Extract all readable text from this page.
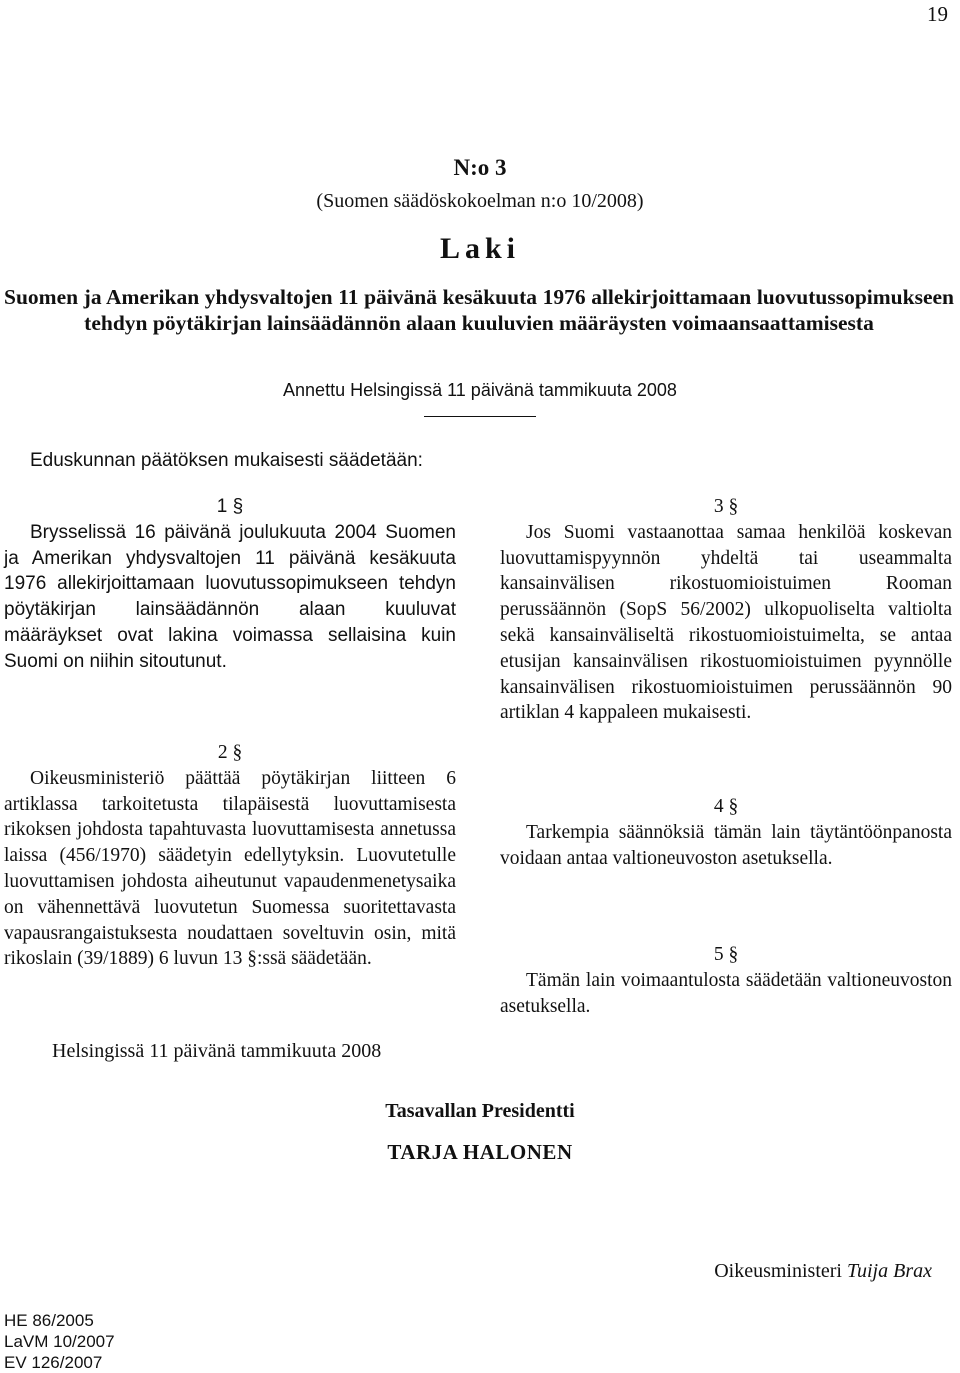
19
N:o 3
(Suomen säädöskokoelman n:o 10/2008)
Laki
Suomen ja Amerikan yhdysvaltojen 11 päivänä kesäkuuta 1976 allekirjoittamaan luovutussopimukseen tehdyn pöytäkirjan lainsäädännön alaan kuuluvien määräysten voimaansaattamisesta
Annettu Helsingissä 11 päivänä tammikuuta 2008
Eduskunnan päätöksen mukaisesti säädetään:
1 §

Brysselissä 16 päivänä joulukuuta 2004 Suomen ja Amerikan yhdysvaltojen 11 päivänä kesäkuuta 1976 allekirjoittamaan luovutussopimukseen tehdyn pöytäkirjan lainsäädännön alaan kuuluvat määräykset ovat lakina voimassa sellaisina kuin Suomi on niihin sitoutunut.

2 §

Oikeusministeriö päättää pöytäkirjan liitteen 6 artiklassa tarkoitetusta tilapäisestä luovuttamisesta rikoksen johdosta tapahtuvasta luovuttamisesta annetussa laissa (456/1970) säädetyin edellytyksin. Luovutetulle luovuttamisen johdosta aiheutunut vapaudenmenetysaika on vähennettävä luovutetun Suomessa suoritettavasta vapausrangaistuksesta noudattaen soveltuvin osin, mitä rikoslain (39/1889) 6 luvun 13 §:ssä säädetään.

3 §

Jos Suomi vastaanottaa samaa henkilöä koskevan luovuttamispyynnön yhdeltä tai useammalta kansainvälisen rikostuomioistuimen Rooman perussäännön (SopS 56/2002) ulkopuoliselta valtiolta sekä kansainväliseltä rikostuomioistuimelta, se antaa etusijan kansainvälisen rikostuomioistuimen pyynnölle kansainvälisen rikostuomioistuimen perussäännön 90 artiklan 4 kappaleen mukaisesti.

4 §

Tarkempia säännöksiä tämän lain täytäntöönpanosta voidaan antaa valtioneuvoston asetuksella.

5 §

Tämän lain voimaantulosta säädetään valtioneuvoston asetuksella.

Helsingissä 11 päivänä tammikuuta 2008
Tasavallan Presidentti
TARJA HALONEN
Oikeusministeri Tuija Brax
HE 86/2005
LaVM 10/2007
EV 126/2007
